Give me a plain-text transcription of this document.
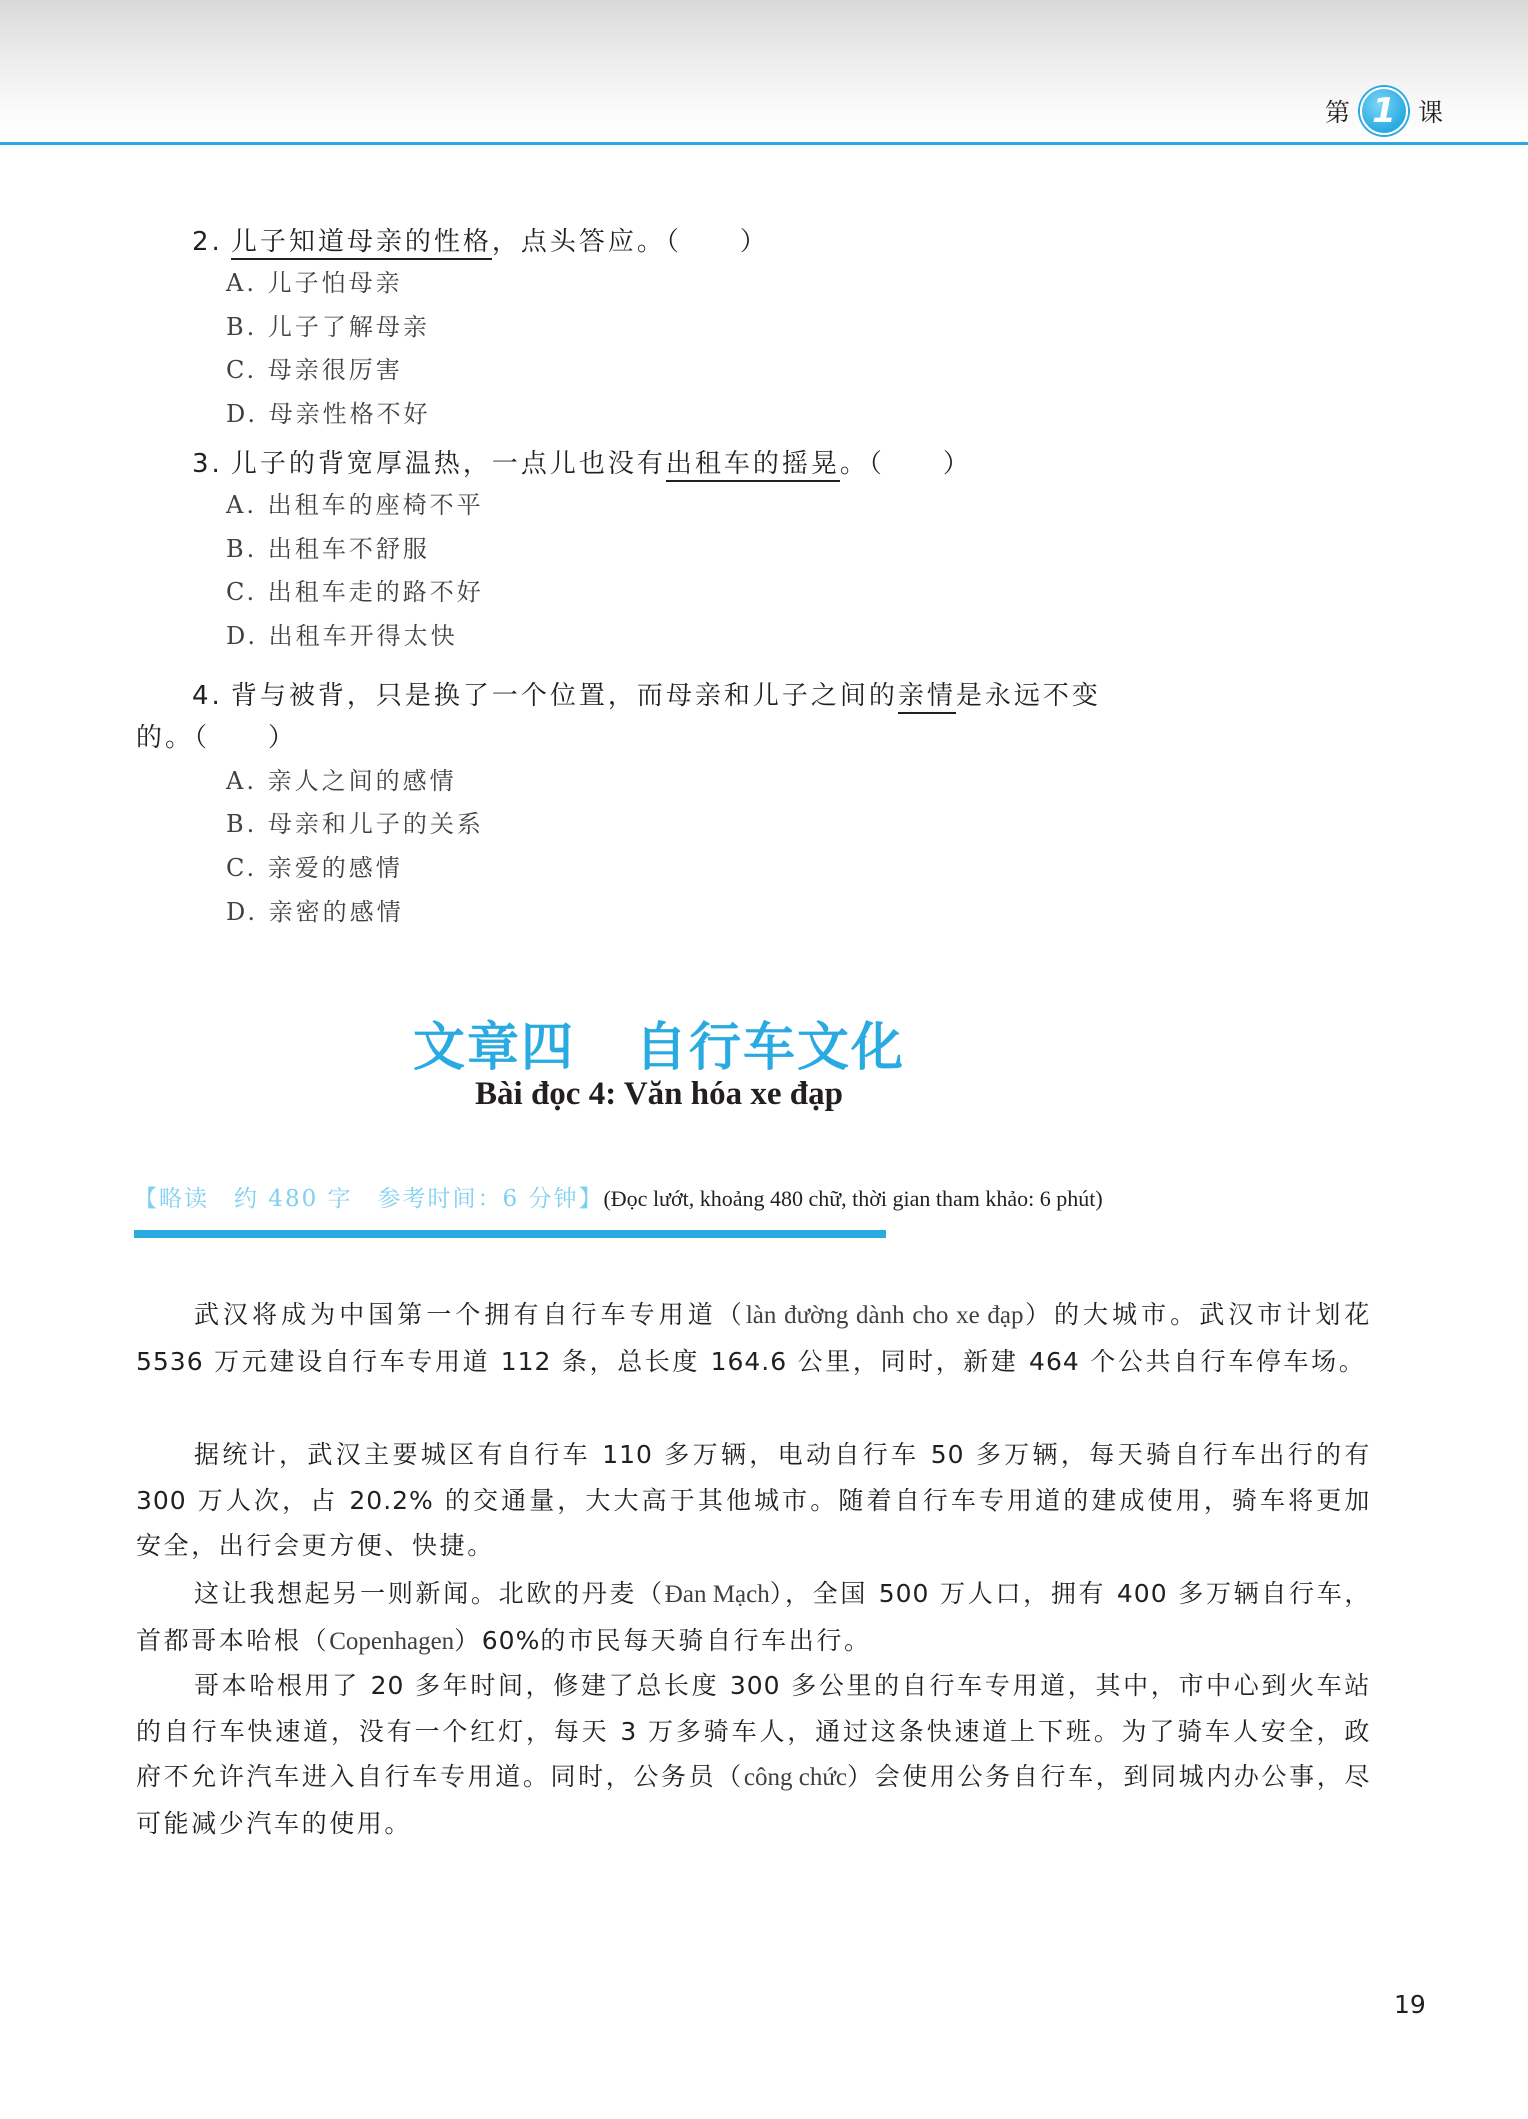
第 1 课
2. 儿子知道母亲的性格，点头答应。（　　）
A. 儿子怕母亲
B. 儿子了解母亲
C. 母亲很厉害
D. 母亲性格不好
3. 儿子的背宽厚温热，一点儿也没有出租车的摇晃。（　　）
A. 出租车的座椅不平
B. 出租车不舒服
C. 出租车走的路不好
D. 出租车开得太快
4. 背与被背，只是换了一个位置，而母亲和儿子之间的亲情是永远不变
的。（　　）
A. 亲人之间的感情
B. 母亲和儿子的关系
C. 亲爱的感情
D. 亲密的感情
文章四 自行车文化
Bài đọc 4: Văn hóa xe đạp
【略读　约 480 字　参考时间：6 分钟】(Đọc lướt, khoảng 480 chữ, thời gian tham khảo: 6 phút)
武汉将成为中国第一个拥有自行车专用道（làn đường dành cho xe đạp）的大城市。武汉市计划花 5536 万元建设自行车专用道 112 条，总长度 164.6 公里，同时，新建 464 个公共自行车停车场。
据统计，武汉主要城区有自行车 110 多万辆，电动自行车 50 多万辆，每天骑自行车出行的有 300 万人次，占 20.2% 的交通量，大大高于其他城市。随着自行车专用道的建成使用，骑车将更加安全，出行会更方便、快捷。
这让我想起另一则新闻。北欧的丹麦（Đan Mạch），全国 500 万人口，拥有 400 多万辆自行车，首都哥本哈根（Copenhagen）60%的市民每天骑自行车出行。
哥本哈根用了 20 多年时间，修建了总长度 300 多公里的自行车专用道，其中，市中心到火车站的自行车快速道，没有一个红灯，每天 3 万多骑车人，通过这条快速道上下班。为了骑车人安全，政府不允许汽车进入自行车专用道。同时，公务员（công chức）会使用公务自行车，到同城内办公事，尽可能减少汽车的使用。
19
